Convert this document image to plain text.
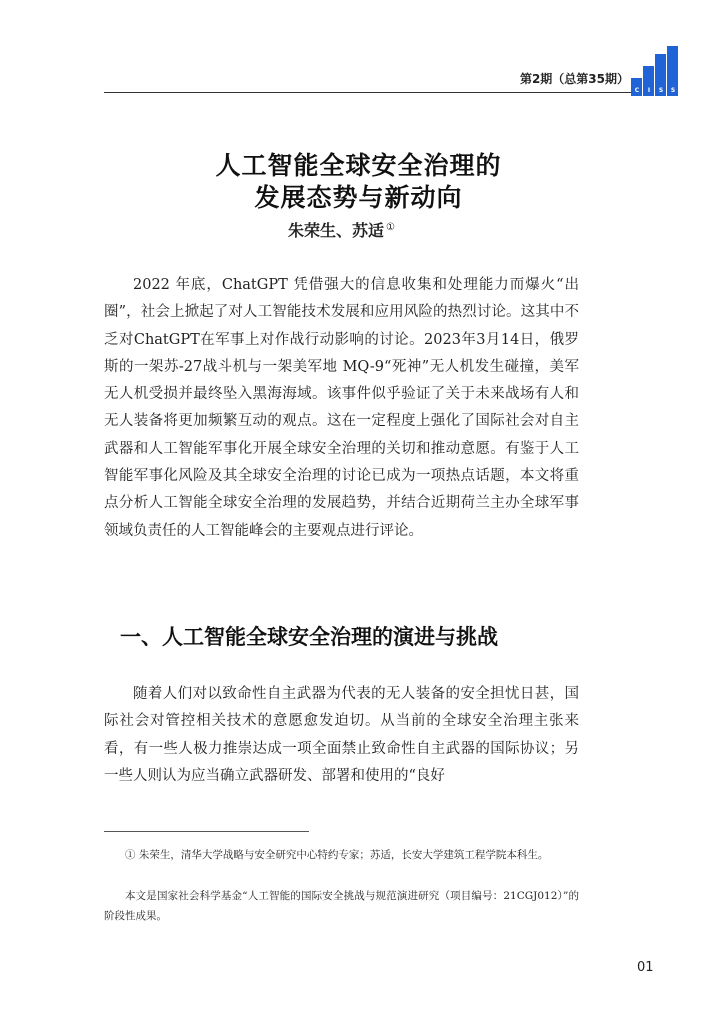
第2期（总第35期）
C	I	S	S
人工智能全球安全治理的
发展态势与新动向
朱荣生、苏适 ①

2022 年底，ChatGPT 凭借强大的信息收集和处理能力而爆火“出圈”，社会上掀起了对人工智能技术发展和应用风险的热烈讨论。这其中不乏对ChatGPT在军事上对作战行动影响的讨论。2023年3月14日，俄罗斯的一架苏-27战斗机与一架美军地 MQ-9“死神”无人机发生碰撞，美军无人机受损并最终坠入黑海海域。该事件似乎验证了关于未来战场有人和无人装备将更加频繁互动的观点。这在一定程度上强化了国际社会对自主武器和人工智能军事化开展全球安全治理的关切和推动意愿。有鉴于人工智能军事化风险及其全球安全治理的讨论已成为一项热点话题，本文将重点分析人工智能全球安全治理的发展趋势，并结合近期荷兰主办全球军事领域负责任的人工智能峰会的主要观点进行评论。

一、人工智能全球安全治理的演进与挑战

随着人们对以致命性自主武器为代表的无人装备的安全担忧日甚，国际社会对管控相关技术的意愿愈发迫切。从当前的全球安全治理主张来看，有一些人极力推崇达成一项全面禁止致命性自主武器的国际协议；另一些人则认为应当确立武器研发、部署和使用的“良好

① 朱荣生，清华大学战略与安全研究中心特约专家；苏适，长安大学建筑工程学院本科生。

本文是国家社会科学基金“人工智能的国际安全挑战与规范演进研究（项目编号：21CGJ012）”的阶段性成果。

01
